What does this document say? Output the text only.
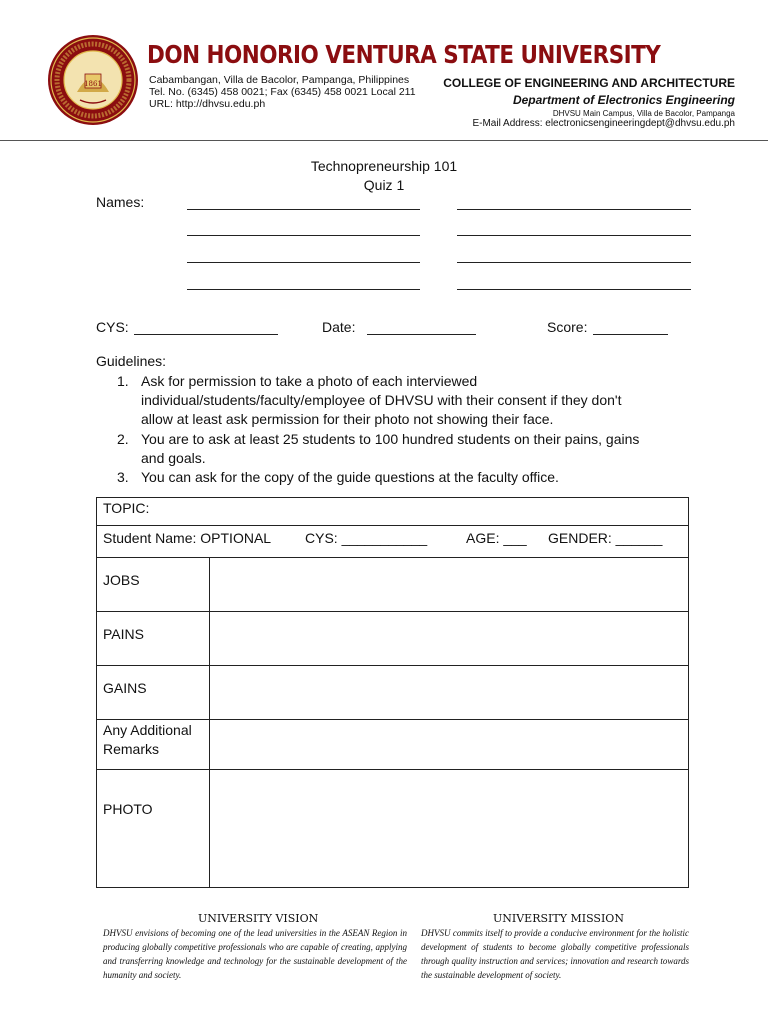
1861
DON HONORIO VENTURA STATE UNIVERSITY
Cabambangan, Villa de Bacolor, Pampanga, Philippines
Tel. No. (6345) 458 0021; Fax (6345) 458 0021 Local 211
URL: http://dhvsu.edu.ph
COLLEGE OF ENGINEERING AND ARCHITECTURE
Department of Electronics Engineering
DHVSU Main Campus, Villa de Bacolor, Pampanga
E-Mail Address: electronicsengineeringdept@dhvsu.edu.ph
Technopreneurship 101
Quiz 1
Names:
CYS:	Date:	Score:
Guidelines:
1. Ask for permission to take a photo of each interviewed
individual/students/faculty/employee of DHVSU with their consent if they don't
allow at least ask permission for their photo not showing their face.
2. You are to ask at least 25 students to 100 hundred students on their pains, gains
and goals.
3. You can ask for the copy of the guide questions at the faculty office.
TOPIC:
Student Name: OPTIONAL CYS: ___________	AGE: ___ GENDER: ______
JOBS
PAINS
GAINS
Any Additional
Remarks
PHOTO
UNIVERSITY VISION
DHVSU envisions of becoming one of the lead universities in the ASEAN Region in producing globally competitive professionals who are capable of creating, applying and transferring knowledge and technology for the sustainable development of the humanity and society.
UNIVERSITY MISSION
DHVSU commits itself to provide a conducive environment for the holistic development of students to become globally competitive professionals through quality instruction and services; innovation and research towards the sustainable development of society.
